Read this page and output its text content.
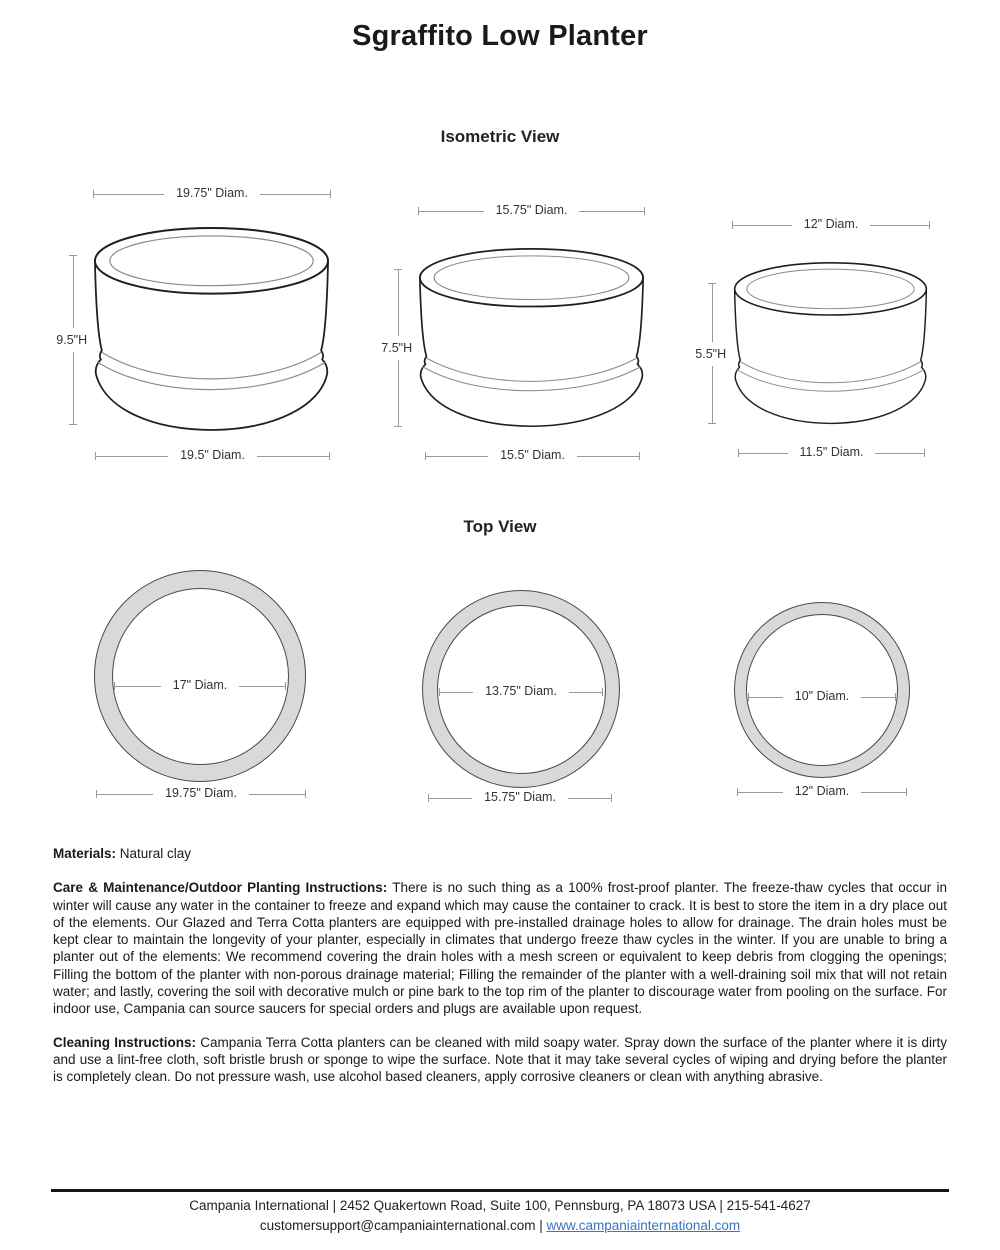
Sgraffito Low Planter
Isometric View
19.75" Diam.
9.5"H
19.5" Diam.
15.75" Diam.
7.5"H
15.5" Diam.
12" Diam.
5.5"H
11.5" Diam.
Top View
17" Diam.
19.75" Diam.
13.75" Diam.
15.75" Diam.
10" Diam.
12" Diam.

Materials: Natural clay

Care & Maintenance/Outdoor Planting Instructions: There is no such thing as a 100% frost-proof planter. The freeze-thaw cycles that occur in winter will cause any water in the container to freeze and expand which may cause the container to crack. It is best to store the item in a dry place out of the elements. Our Glazed and Terra Cotta planters are equipped with pre-installed drainage holes to allow for drainage. The drain holes must be kept clear to maintain the longevity of your planter, especially in climates that undergo freeze thaw cycles in the winter. If you are unable to bring a planter out of the elements: We recommend covering the drain holes with a mesh screen or equivalent to keep debris from clogging the openings; Filling the bottom of the planter with non-porous drainage material; Filling the remainder of the planter with a well-draining soil mix that will not retain water; and lastly, covering the soil with decorative mulch or pine bark to the top rim of the planter to discourage water from pooling on the surface. For indoor use, Campania can source saucers for special orders and plugs are available upon request.

Cleaning Instructions: Campania Terra Cotta planters can be cleaned with mild soapy water. Spray down the surface of the planter where it is dirty and use a lint-free cloth, soft bristle brush or sponge to wipe the surface. Note that it may take several cycles of wiping and drying before the planter is completely clean. Do not pressure wash, use alcohol based cleaners, apply corrosive cleaners or clean with anything abrasive.

Campania International | 2452 Quakertown Road, Suite 100, Pennsburg, PA 18073 USA | 215-541-4627
customersupport@campaniainternational.com | www.campaniainternational.com
